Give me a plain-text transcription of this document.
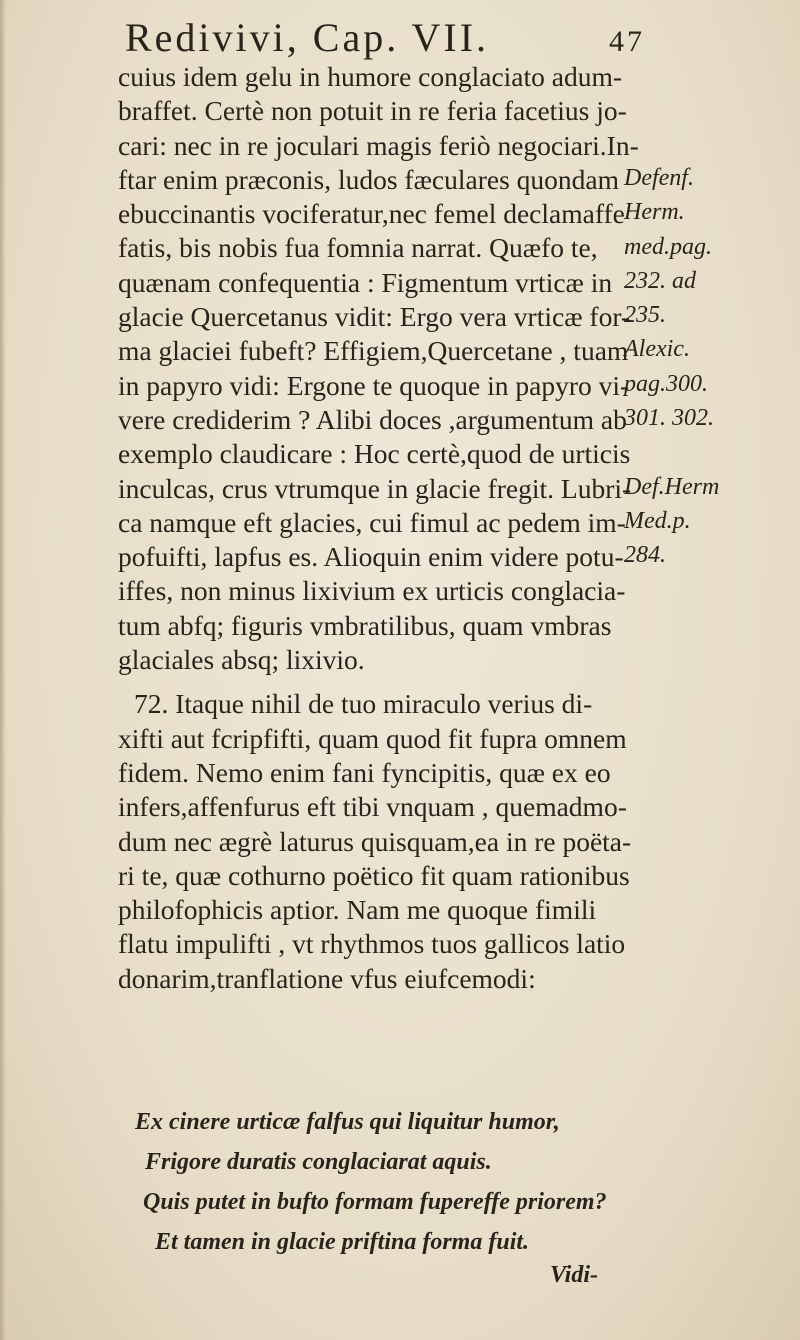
Redivivi, Cap. VII.	47
cuius idem gelu in humore conglaciato adum-
braffet. Certè non potuit in re feria facetius jo-
cari: nec in re joculari magis feriò negociari.In-
ftar enim præconis, ludos fæculares quondam
ebuccinantis vociferatur,nec femel declamaffe
fatis, bis nobis fua fomnia narrat. Quæfo te,
quænam confequentia : Figmentum vrticæ in
glacie Quercetanus vidit: Ergo vera vrticæ for-
ma glaciei fubeft? Effigiem,Quercetane , tuam
in papyro vidi: Ergone te quoque in papyro vi-
vere crediderim ? Alibi doces ,argumentum ab
exemplo claudicare : Hoc certè,quod de urticis
inculcas, crus vtrumque in glacie fregit. Lubri-
ca namque eft glacies, cui fimul ac pedem im-
pofuifti, lapfus es. Alioquin enim videre potu-
iffes, non minus lixivium ex urticis conglacia-
tum abfq; figuris vmbratilibus, quam vmbras
glaciales absq; lixivio.
72. Itaque nihil de tuo miraculo verius di-
xifti aut fcripfifti, quam quod fit fupra omnem
fidem. Nemo enim fani fyncipitis, quæ ex eo
infers,affenfurus eft tibi vnquam , quemadmo-
dum nec ægrè laturus quisquam,ea in re poëta-
ri te, quæ cothurno poëtico fit quam rationibus
philofophicis aptior. Nam me quoque fimili
flatu impulifti , vt rhythmos tuos gallicos latio
donarim,tranflatione vfus eiufcemodi:
Defenf.
Herm.
med.pag.
232. ad
235.
Alexic.
pag.300.
301. 302.
Def.Herm
Med.p.
284.
Ex cinere urticæ falfus qui liquitur humor,
Frigore duratis conglaciarat aquis.
Quis putet in bufto formam fupereffe priorem?
Et tamen in glacie priftina forma fuit.
Vidi-
